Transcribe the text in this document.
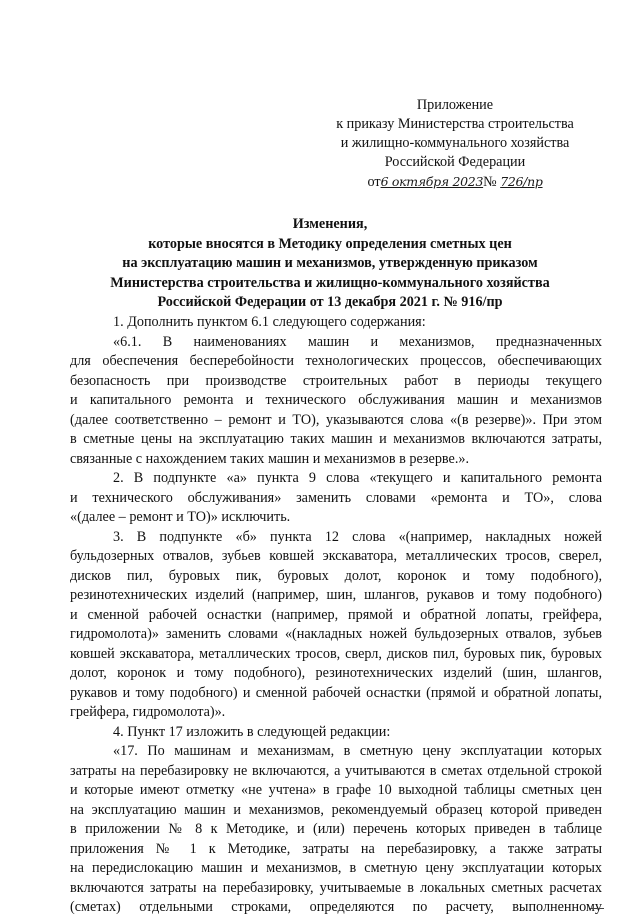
Приложение
к приказу Министерства строительства
и жилищно-коммунального хозяйства
Российской Федерации
от6 октября 2023№ 726/пр
Изменения,
которые вносятся в Методику определения сметных цен
на эксплуатацию машин и механизмов, утвержденную приказом
Министерства строительства и жилищно-коммунального хозяйства
Российской Федерации от 13 декабря 2021 г. № 916/пр
1. Дополнить пунктом 6.1 следующего содержания:
«6.1. В наименованиях машин и механизмов, предназначенных
для обеспечения бесперебойности технологических процессов, обеспечивающих
безопасность при производстве строительных работ в периоды текущего
и капитального ремонта и технического обслуживания машин и механизмов
(далее соответственно – ремонт и ТО), указываются слова «(в резерве)». При этом
в сметные цены на эксплуатацию таких машин и механизмов включаются затраты,
связанные с нахождением таких машин и механизмов в резерве.».
2. В подпункте «а» пункта 9 слова «текущего и капитального ремонта
и технического обслуживания» заменить словами «ремонта и ТО», слова
«(далее – ремонт и ТО)» исключить.
3. В подпункте «б» пункта 12 слова «(например, накладных ножей
бульдозерных отвалов, зубьев ковшей экскаватора, металлических тросов, сверел,
дисков пил, буровых пик, буровых долот, коронок и тому подобного),
резинотехнических изделий (например, шин, шлангов, рукавов и тому подобного)
и сменной рабочей оснастки (например, прямой и обратной лопаты, грейфера,
гидромолота)» заменить словами «(накладных ножей бульдозерных отвалов, зубьев
ковшей экскаватора, металлических тросов, сверл, дисков пил, буровых пик, буровых
долот, коронок и тому подобного), резинотехнических изделий (шин, шлангов,
рукавов и тому подобного) и сменной рабочей оснастки (прямой и обратной лопаты,
грейфера, гидромолота)».
4. Пункт 17 изложить в следующей редакции:
«17. По машинам и механизмам, в сметную цену эксплуатации которых
затраты на перебазировку не включаются, а учитываются в сметах отдельной строкой
и которые имеют отметку «не учтена» в графе 10 выходной таблицы сметных цен
на эксплуатацию машин и механизмов, рекомендуемый образец которой приведен
в приложении № 8 к Методике, и (или) перечень которых приведен в таблице
приложения № 1 к Методике, затраты на перебазировку, а также затраты
на передислокацию машин и механизмов, в сметную цену эксплуатации которых
включаются затраты на перебазировку, учитываемые в локальных сметных расчетах
(сметах) отдельными строками, определяются по расчету, выполненному
